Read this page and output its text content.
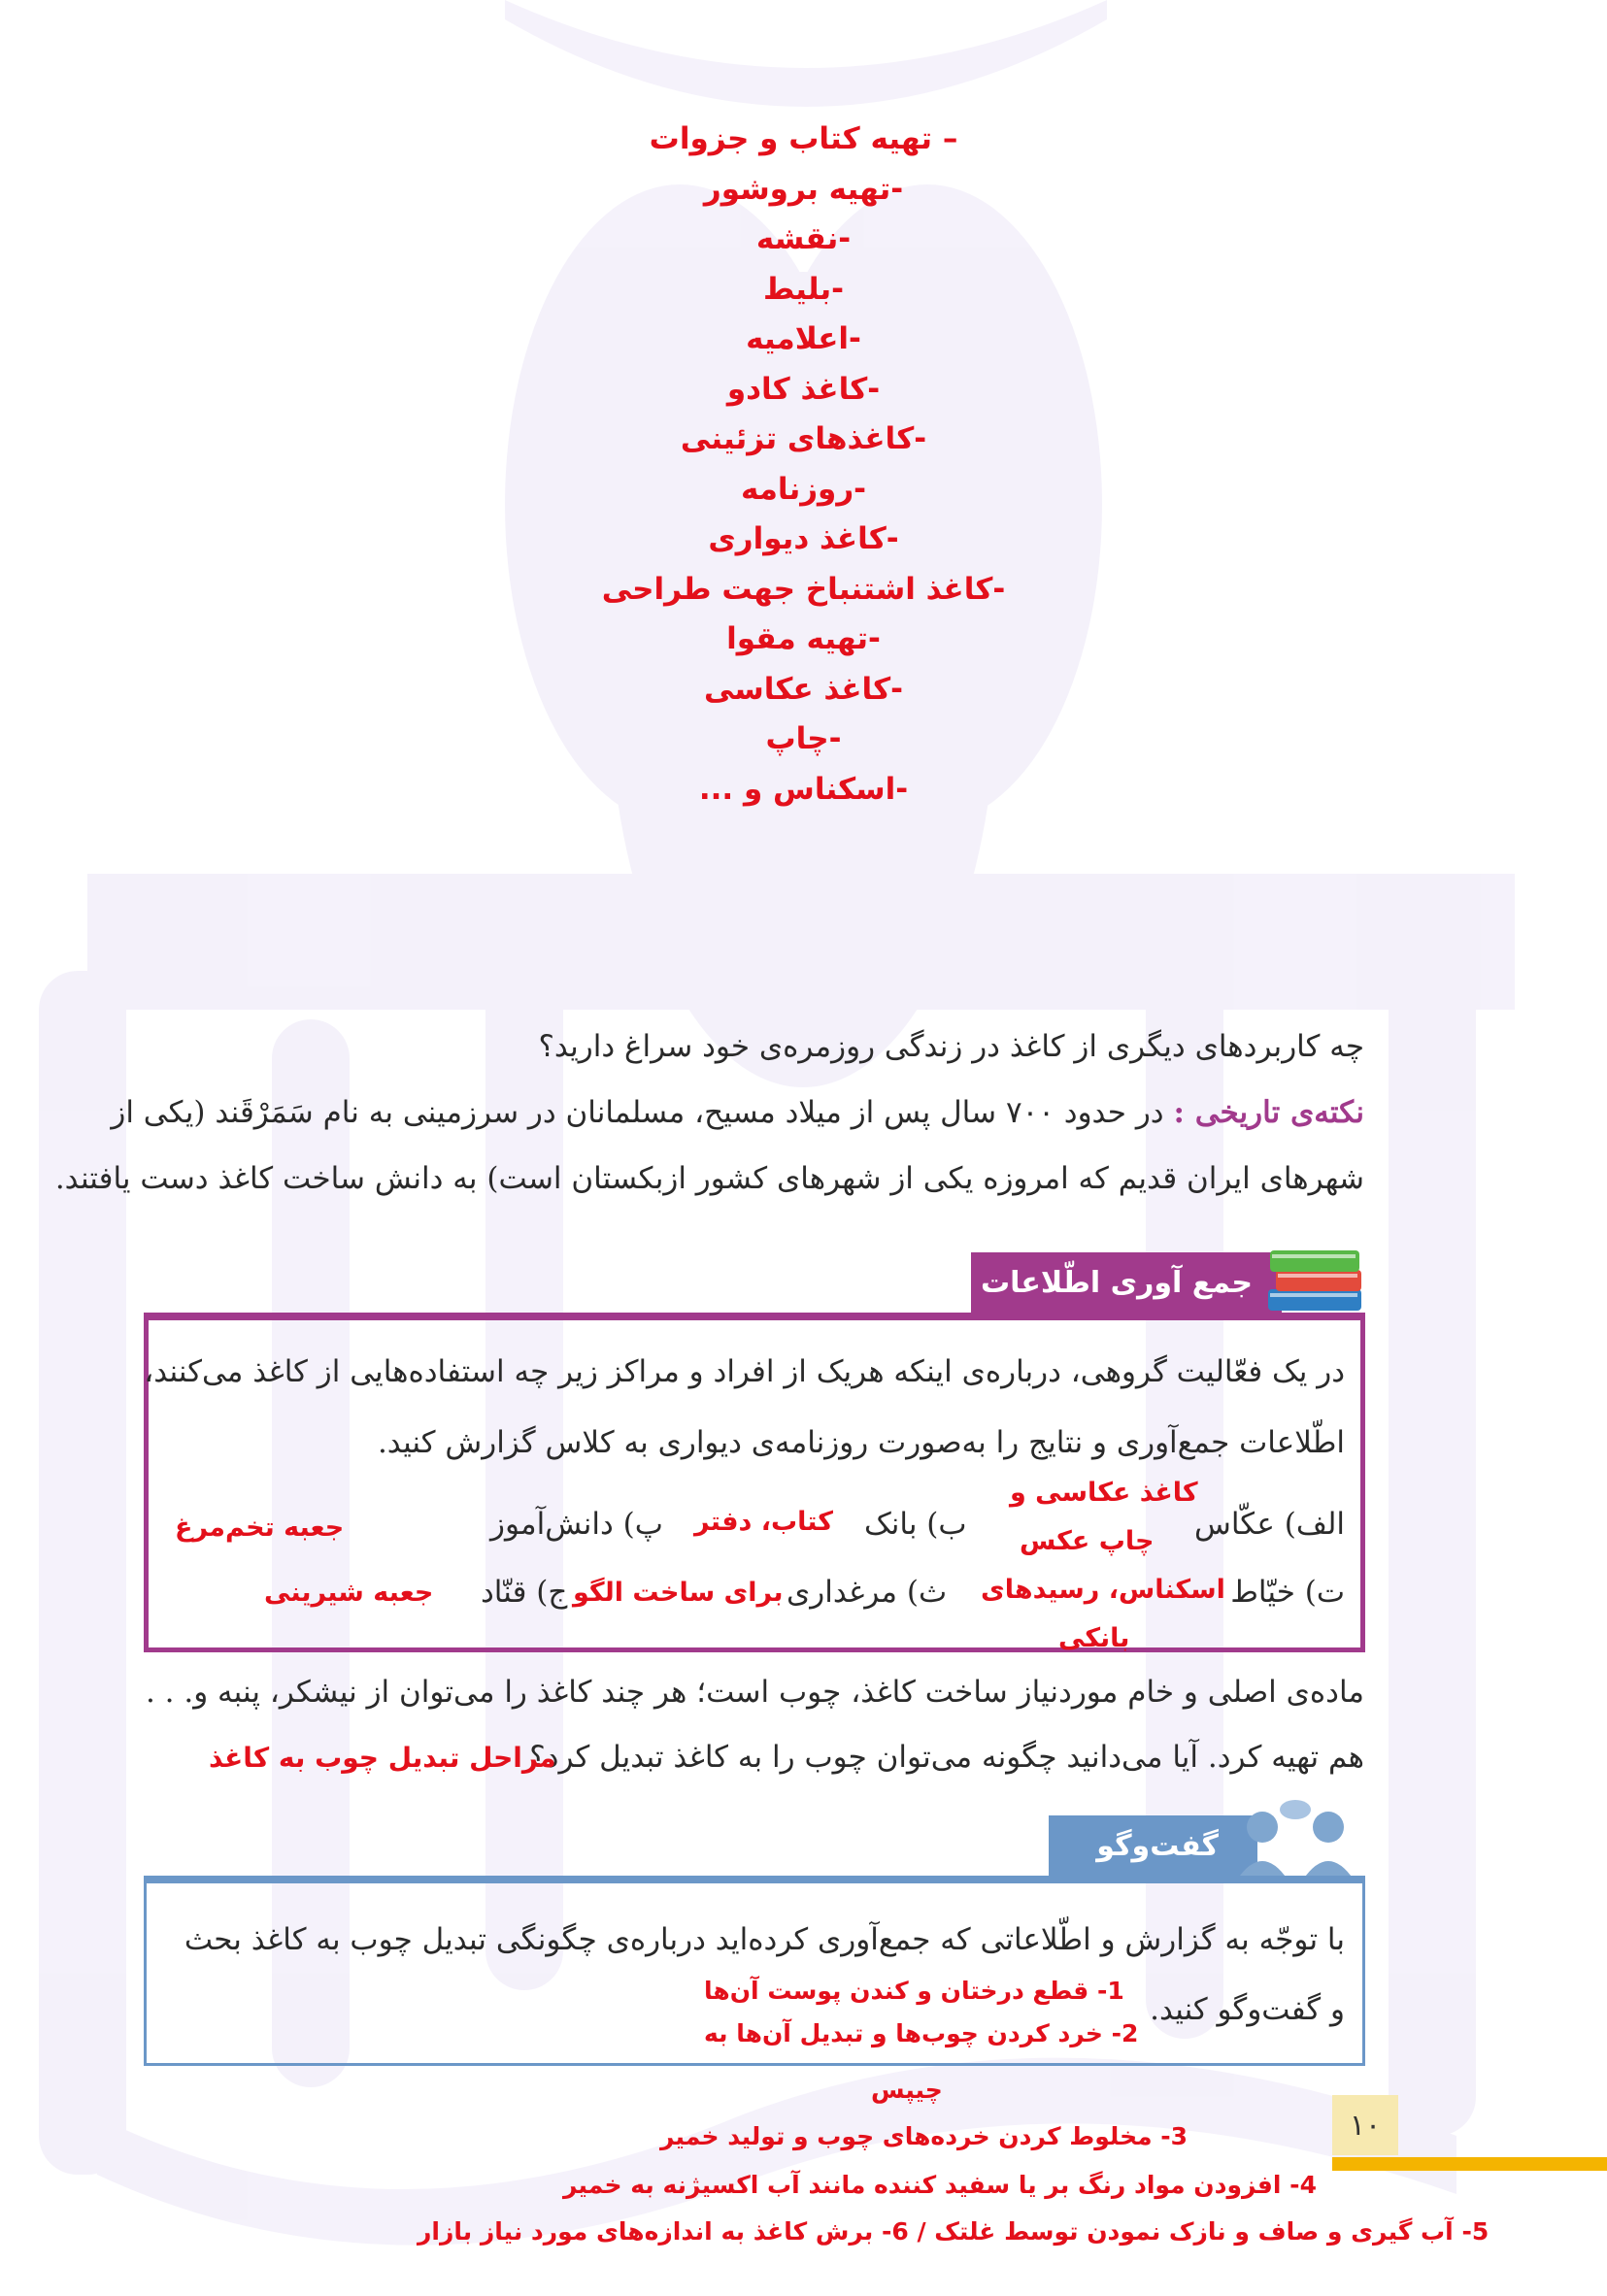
– تهیه کتاب و جزوات
-تهیه بروشور
-نقشه
-بلیط
-اعلامیه
-کاغذ کادو
-کاغذهای تزئینی
-روزنامه
-کاغذ دیواری
-کاغذ اشتنباخ جهت طراحی
-تهیه مقوا
-کاغذ عکاسی
-چاپ
-اسکناس و ...
چه کاربردهای دیگری از کاغذ در زندگی روزمره‌ی خود سراغ دارید؟
نکته‌ی تاریخی : در حدود ۷۰۰ سال پس از میلاد مسیح، مسلمانان در سرزمینی به نام سَمَرْقَند (یکی از
شهرهای ایران قدیم که امروزه یکی از شهرهای کشور ازبکستان است) به دانش ساخت کاغذ دست یافتند.
جمع آوری اطّلاعات
در یک فعّالیت گروهی، درباره‌ی اینکه هریک از افراد و مراکز زیر چه استفاده‌هایی از کاغذ می‌کنند،
اطّلاعات جمع‌آوری و نتایج را به‌صورت روزنامه‌ی دیواری به کلاس گزارش کنید.
الف) عکّاس
کاغذ عکاسی و
چاپ عکس
ب) بانک
کتاب، دفتر
پ) دانش‌آموز
جعبه تخم‌مرغ
ت) خیّاط
اسکناس، رسیدهای
بانکی
ث) مرغداری
برای ساخت الگو
ج) قنّاد
جعبه شیرینی
ماده‌ی اصلی و خام موردنیاز ساخت کاغذ، چوب است؛ هر چند کاغذ را می‌توان از نیشکر، پنبه و. . .
هم تهیه کرد. آیا می‌دانید چگونه می‌توان چوب را به کاغذ تبدیل کرد؟
مراحل تبدیل چوب به کاغذ
گفت‌وگو
با توجّه به گزارش و اطّلاعاتی که جمع‌آوری کرده‌اید درباره‌ی چگونگی تبدیل چوب به کاغذ بحث
و گفت‌وگو کنید.
1- قطع درختان و کندن پوست آن‌ها
2- خرد کردن چوب‌ها و تبدیل آن‌ها به
چیپس
3- مخلوط کردن خرده‌های چوب و تولید خمیر
4- افزودن مواد رنگ بر یا سفید کننده مانند آب اکسیژنه به خمیر
5- آب گیری و صاف و نازک نمودن توسط غلتک / 6- برش کاغذ به اندازه‌های مورد نیاز بازار
۱۰
